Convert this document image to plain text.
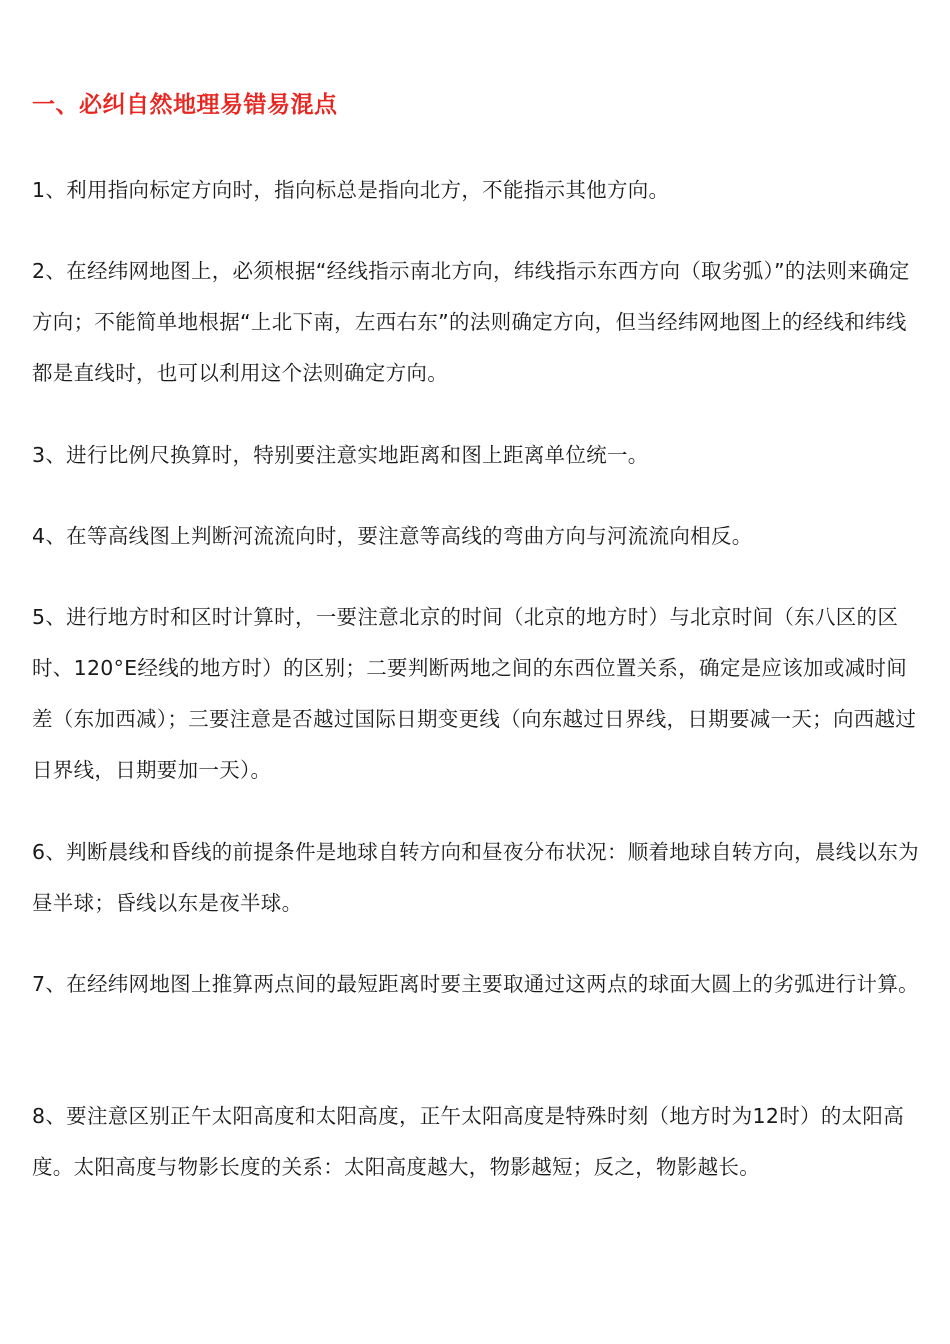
一、必纠自然地理易错易混点

1、利用指向标定方向时，指向标总是指向北方，不能指示其他方向。

2、在经纬网地图上，必须根据“经线指示南北方向，纬线指示东西方向（取劣弧）”的法则来确定方向；不能简单地根据“上北下南，左西右东”的法则确定方向，但当经纬网地图上的经线和纬线都是直线时，也可以利用这个法则确定方向。

3、进行比例尺换算时，特别要注意实地距离和图上距离单位统一。

4、在等高线图上判断河流流向时，要注意等高线的弯曲方向与河流流向相反。

5、进行地方时和区时计算时，一要注意北京的时间（北京的地方时）与北京时间（东八区的区时、120°E经线的地方时）的区别；二要判断两地之间的东西位置关系，确定是应该加或减时间差（东加西减）；三要注意是否越过国际日期变更线（向东越过日界线，日期要减一天；向西越过日界线，日期要加一天）。

6、判断晨线和昏线的前提条件是地球自转方向和昼夜分布状况：顺着地球自转方向，晨线以东为昼半球；昏线以东是夜半球。

7、在经纬网地图上推算两点间的最短距离时要主要取通过这两点的球面大圆上的劣弧进行计算。

8、要注意区别正午太阳高度和太阳高度，正午太阳高度是特殊时刻（地方时为12时）的太阳高度。太阳高度与物影长度的关系：太阳高度越大，物影越短；反之，物影越长。
